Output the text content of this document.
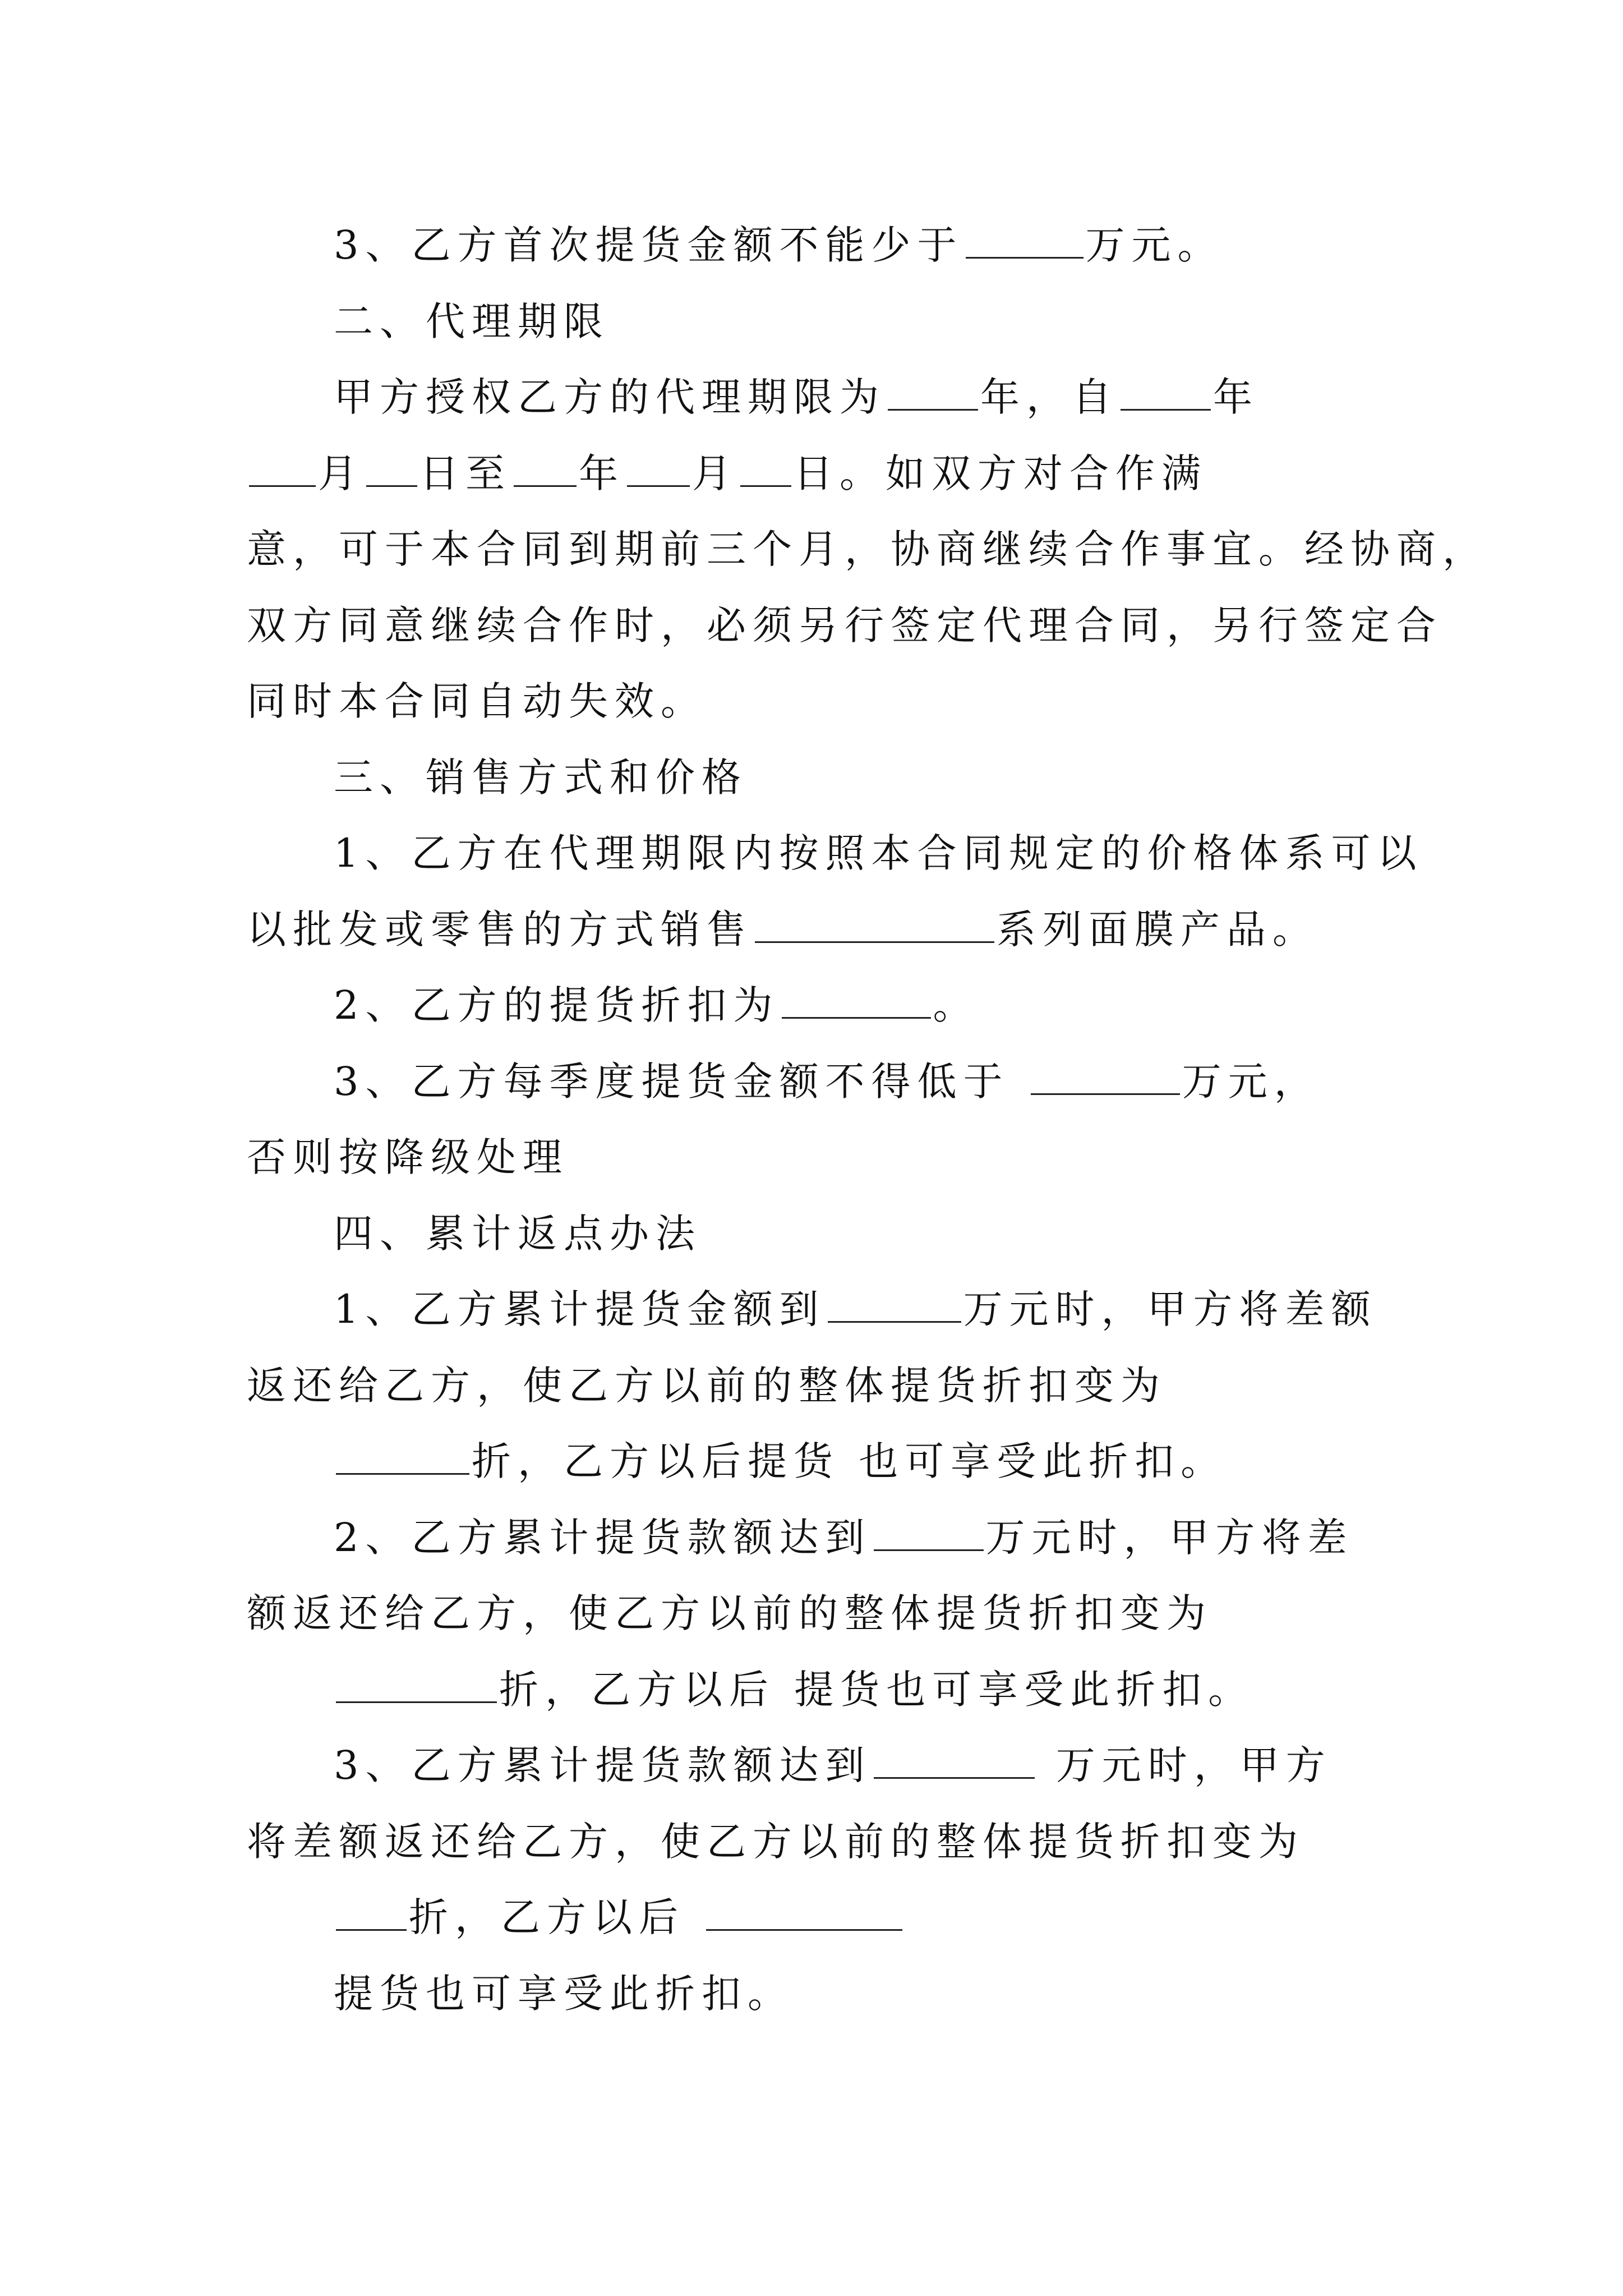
3、乙方首次提货金额不能少于	万元。
二、代理期限
甲方授权乙方的代理期限为 年，自 年
月 日至 年 月 日。如双方对合作满
意，可于本合同到期前三个月，协商继续合作事宜。经协商，
双方同意继续合作时，必须另行签定代理合同，另行签定合
同时本合同自动失效。
三、销售方式和价格
1、乙方在代理期限内按照本合同规定的价格体系可以
以批发或零售的方式销售	系列面膜产品。
2、乙方的提货折扣为	。
3、乙方每季度提货金额不得低于	万元，
否则按降级处理
四、累计返点办法
1、乙方累计提货金额到	万元时，甲方将差额
返还给乙方，使乙方以前的整体提货折扣变为
折，乙方以后提货 也可享受此折扣。
2、乙方累计提货款额达到	万元时，甲方将差
额返还给乙方，使乙方以前的整体提货折扣变为
折，乙方以后 提货也可享受此折扣。
3、乙方累计提货款额达到	万元时，甲方
将差额返还给乙方，使乙方以前的整体提货折扣变为
折，乙方以后
提货也可享受此折扣。
